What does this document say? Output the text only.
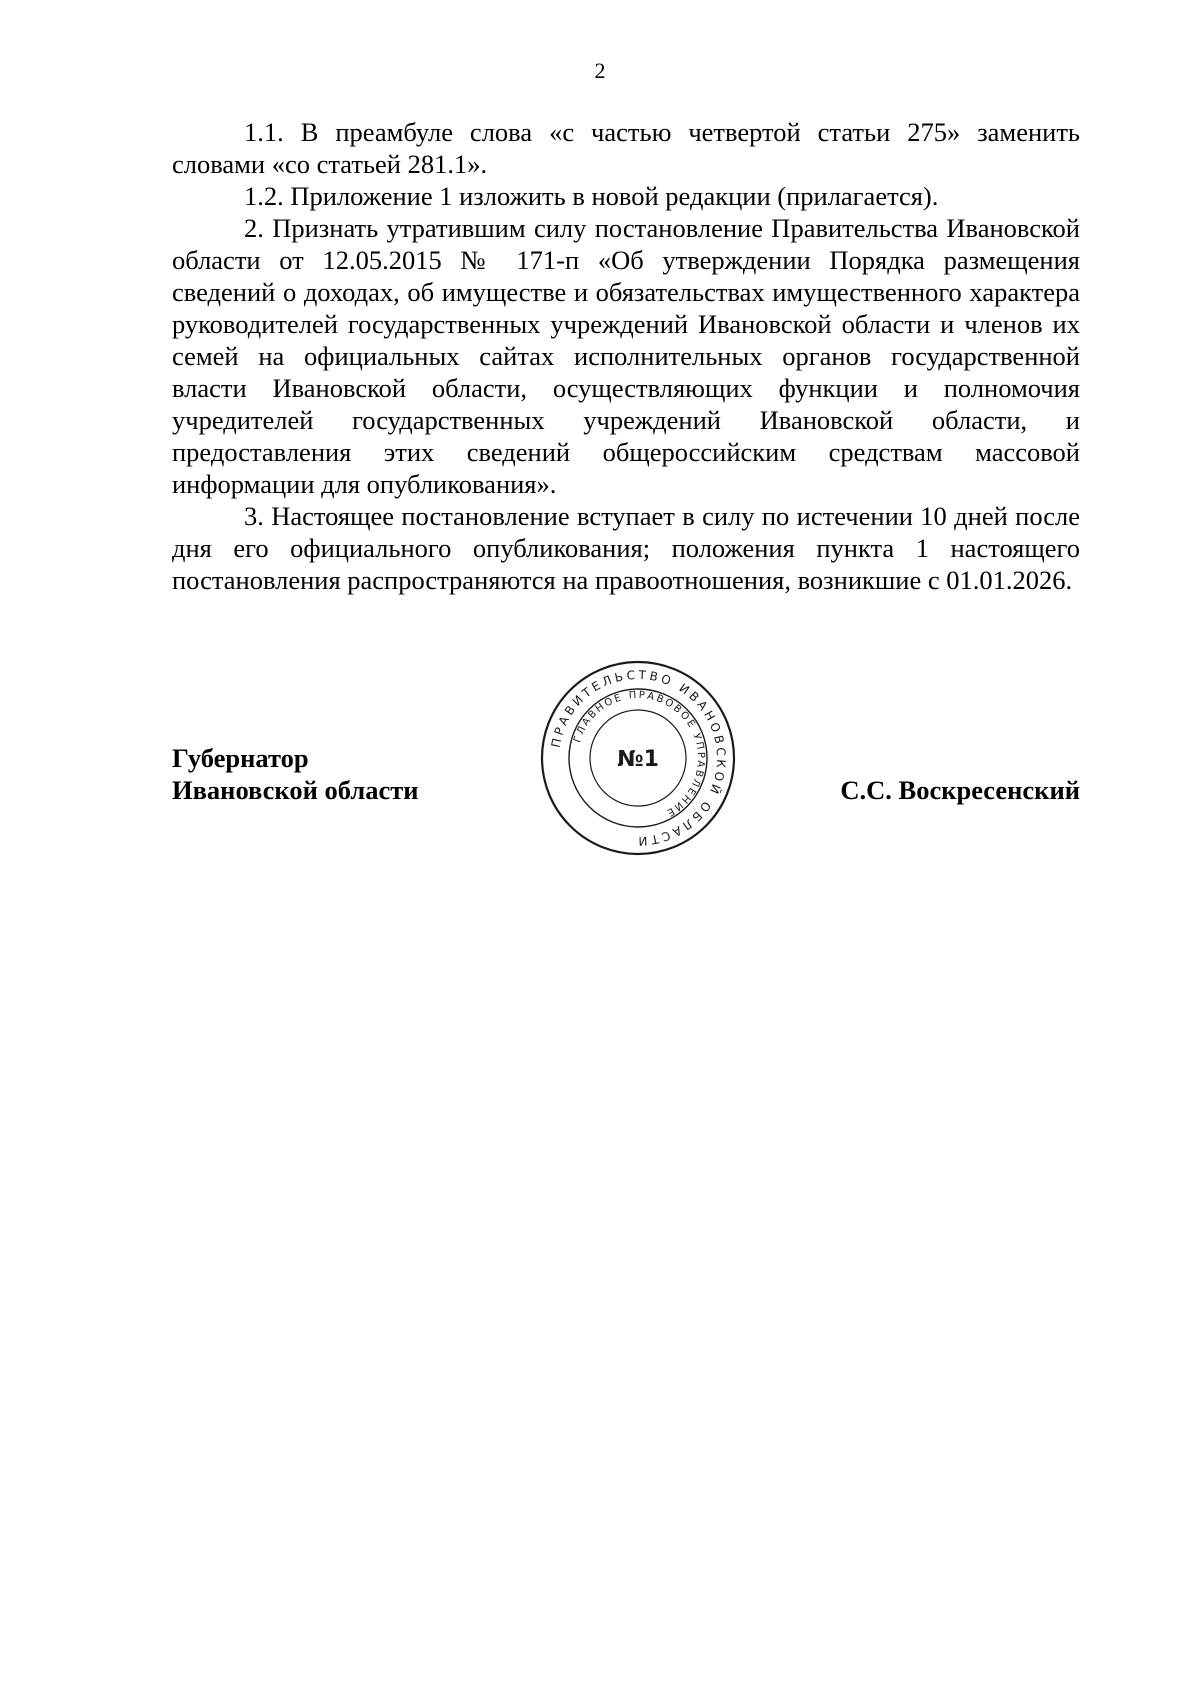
2

1.1. В преамбуле слова «с частью четвертой статьи 275» заменить словами «со статьей 281.1».

1.2. Приложение 1 изложить в новой редакции (прилагается).

2. Признать утратившим силу постановление Правительства Ивановской области от 12.05.2015 № 171-п «Об утверждении Порядка размещения сведений о доходах, об имуществе и обязательствах имущественного характера руководителей государственных учреждений Ивановской области и членов их семей на официальных сайтах исполнительных органов государственной власти Ивановской области, осуществляющих функции и полномочия учредителей государственных учреждений Ивановской области, и предоставления этих сведений общероссийским средствам массовой информации для опубликования».

3. Настоящее постановление вступает в силу по истечении 10 дней после дня его официального опубликования; положения пункта 1 настоящего постановления распространяются на правоотношения, возникшие с 01.01.2026.

Губернатор
Ивановской области	С.С. Воскресенский
ПРАВИТЕЛЬСТВО ИВАНОВСКОЙ ОБЛАСТИ
ГЛАВНОЕ ПРАВОВОЕ УПРАВЛЕНИЕ
№1
